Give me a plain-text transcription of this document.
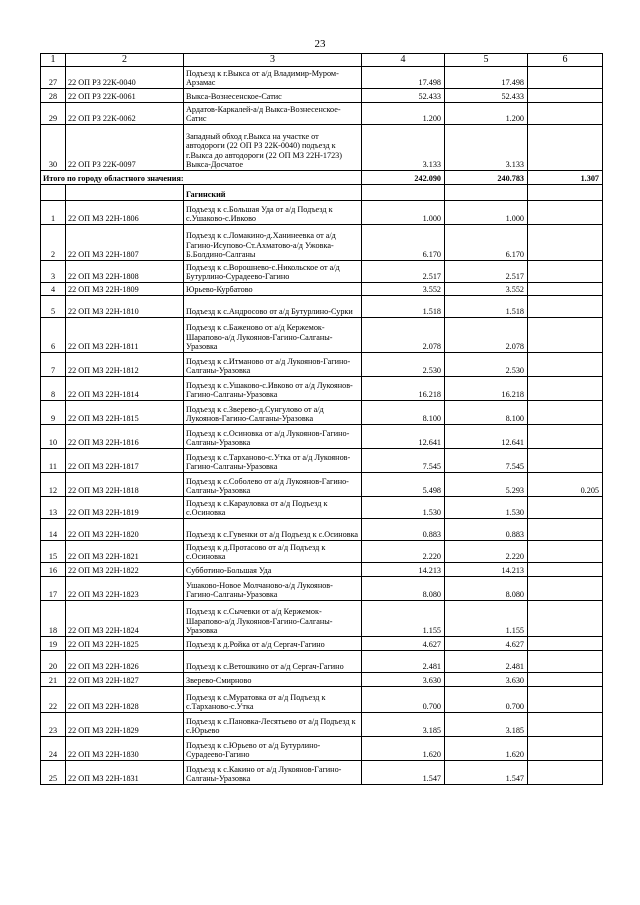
23
1	2	3	4	5	6
27	22 ОП РЗ 22К-0040	Подъезд к г.Выкса от а/д Владимир-Муром-Арзамас	17.498	17.498	
28	22 ОП РЗ 22К-0061	Выкса-Вознесенское-Сатис	52.433	52.433	
29	22 ОП РЗ 22К-0062	Ардатов-Каркалей-а/д Выкса-Вознесенское-Сатис	1.200	1.200	
30	22 ОП РЗ 22К-0097	Западный обход г.Выкса на участке от автодороги (22 ОП РЗ 22К-0040) подъезд к г.Выкса до автодороги (22 ОП МЗ 22Н-1723) Выкса-Досчатое	3.133	3.133	
Итого по городу областного значения:			242.090	240.783	1.307
		Гагинский			
1	22 ОП МЗ 22Н-1806	Подъезд к с.Большая Уда от а/д Подъезд к с.Ушаково-с.Ивково	1.000	1.000	
2	22 ОП МЗ 22Н-1807	Подъезд к с.Ломакино-д.Ханинеевка от а/д Гагино-Исупово-Ст.Ахматово-а/д Ужовка-Б.Болдино-Салганы	6.170	6.170	
3	22 ОП МЗ 22Н-1808	Подъезд к с.Ворошнево-с.Никольское от а/д Бутурлино-Сурадеево-Гагино	2.517	2.517	
4	22 ОП МЗ 22Н-1809	Юрьево-Курбатово	3.552	3.552	
5	22 ОП МЗ 22Н-1810	Подъезд к с.Андросово от а/д Бутурлино-Сурки	1.518	1.518	
6	22 ОП МЗ 22Н-1811	Подъезд к с.Баженово от а/д Кержемок-Шарапово-а/д Лукоянов-Гагино-Салганы-Уразовка	2.078	2.078	
7	22 ОП МЗ 22Н-1812	Подъезд к с.Итманово от а/д Лукоянов-Гагино-Салганы-Уразовка	2.530	2.530	
8	22 ОП МЗ 22Н-1814	Подъезд к с.Ушаково-с.Ивково от а/д Лукоянов-Гагино-Салганы-Уразовка	16.218	16.218	
9	22 ОП МЗ 22Н-1815	Подъезд к с.Зверево-д.Сунгулово от а/д Лукоянов-Гагино-Салганы-Уразовка	8.100	8.100	
10	22 ОП МЗ 22Н-1816	Подъезд к с.Осиновка от а/д Лукоянов-Гагино-Салганы-Уразовка	12.641	12.641	
11	22 ОП МЗ 22Н-1817	Подъезд к с.Тарханово-с.Утка от а/д Лукоянов-Гагино-Салганы-Уразовка	7.545	7.545	
12	22 ОП МЗ 22Н-1818	Подъезд к с.Соболево от а/д Лукоянов-Гагино-Салганы-Уразовка	5.498	5.293	0.205
13	22 ОП МЗ 22Н-1819	Подъезд к с.Карауловка от а/д Подъезд к с.Осиновка	1.530	1.530	
14	22 ОП МЗ 22Н-1820	Подъезд к с.Гувенки от а/д Подъезд к с.Осиновка	0.883	0.883	
15	22 ОП МЗ 22Н-1821	Подъезд к д.Протасово от а/д Подъезд к с.Осиновка	2.220	2.220	
16	22 ОП МЗ 22Н-1822	Субботино-Большая Уда	14.213	14.213	
17	22 ОП МЗ 22Н-1823	Ушаково-Новое Молчаново-а/д Лукоянов-Гагино-Салганы-Уразовка	8.080	8.080	
18	22 ОП МЗ 22Н-1824	Подъезд к с.Сычевки от а/д Кержемок-Шарапово-а/д Лукоянов-Гагино-Салганы-Уразовка	1.155	1.155	
19	22 ОП МЗ 22Н-1825	Подъезд к д.Ройка от а/д Сергач-Гагино	4.627	4.627	
20	22 ОП МЗ 22Н-1826	Подъезд к с.Ветошкино от а/д Сергач-Гагино	2.481	2.481	
21	22 ОП МЗ 22Н-1827	Зверево-Смирново	3.630	3.630	
22	22 ОП МЗ 22Н-1828	Подъезд к с.Муратовка от а/д Подъезд к с.Тарханово-с.Утка	0.700	0.700	
23	22 ОП МЗ 22Н-1829	Подъезд к с.Пановка-Лесятьево от а/д Подъезд к с.Юрьево	3.185	3.185	
24	22 ОП МЗ 22Н-1830	Подъезд к с.Юрьево от а/д Бутурлино-Сурадеево-Гагино	1.620	1.620	
25	22 ОП МЗ 22Н-1831	Подъезд к с.Какино от а/д Лукоянов-Гагино-Салганы-Уразовка	1.547	1.547	
